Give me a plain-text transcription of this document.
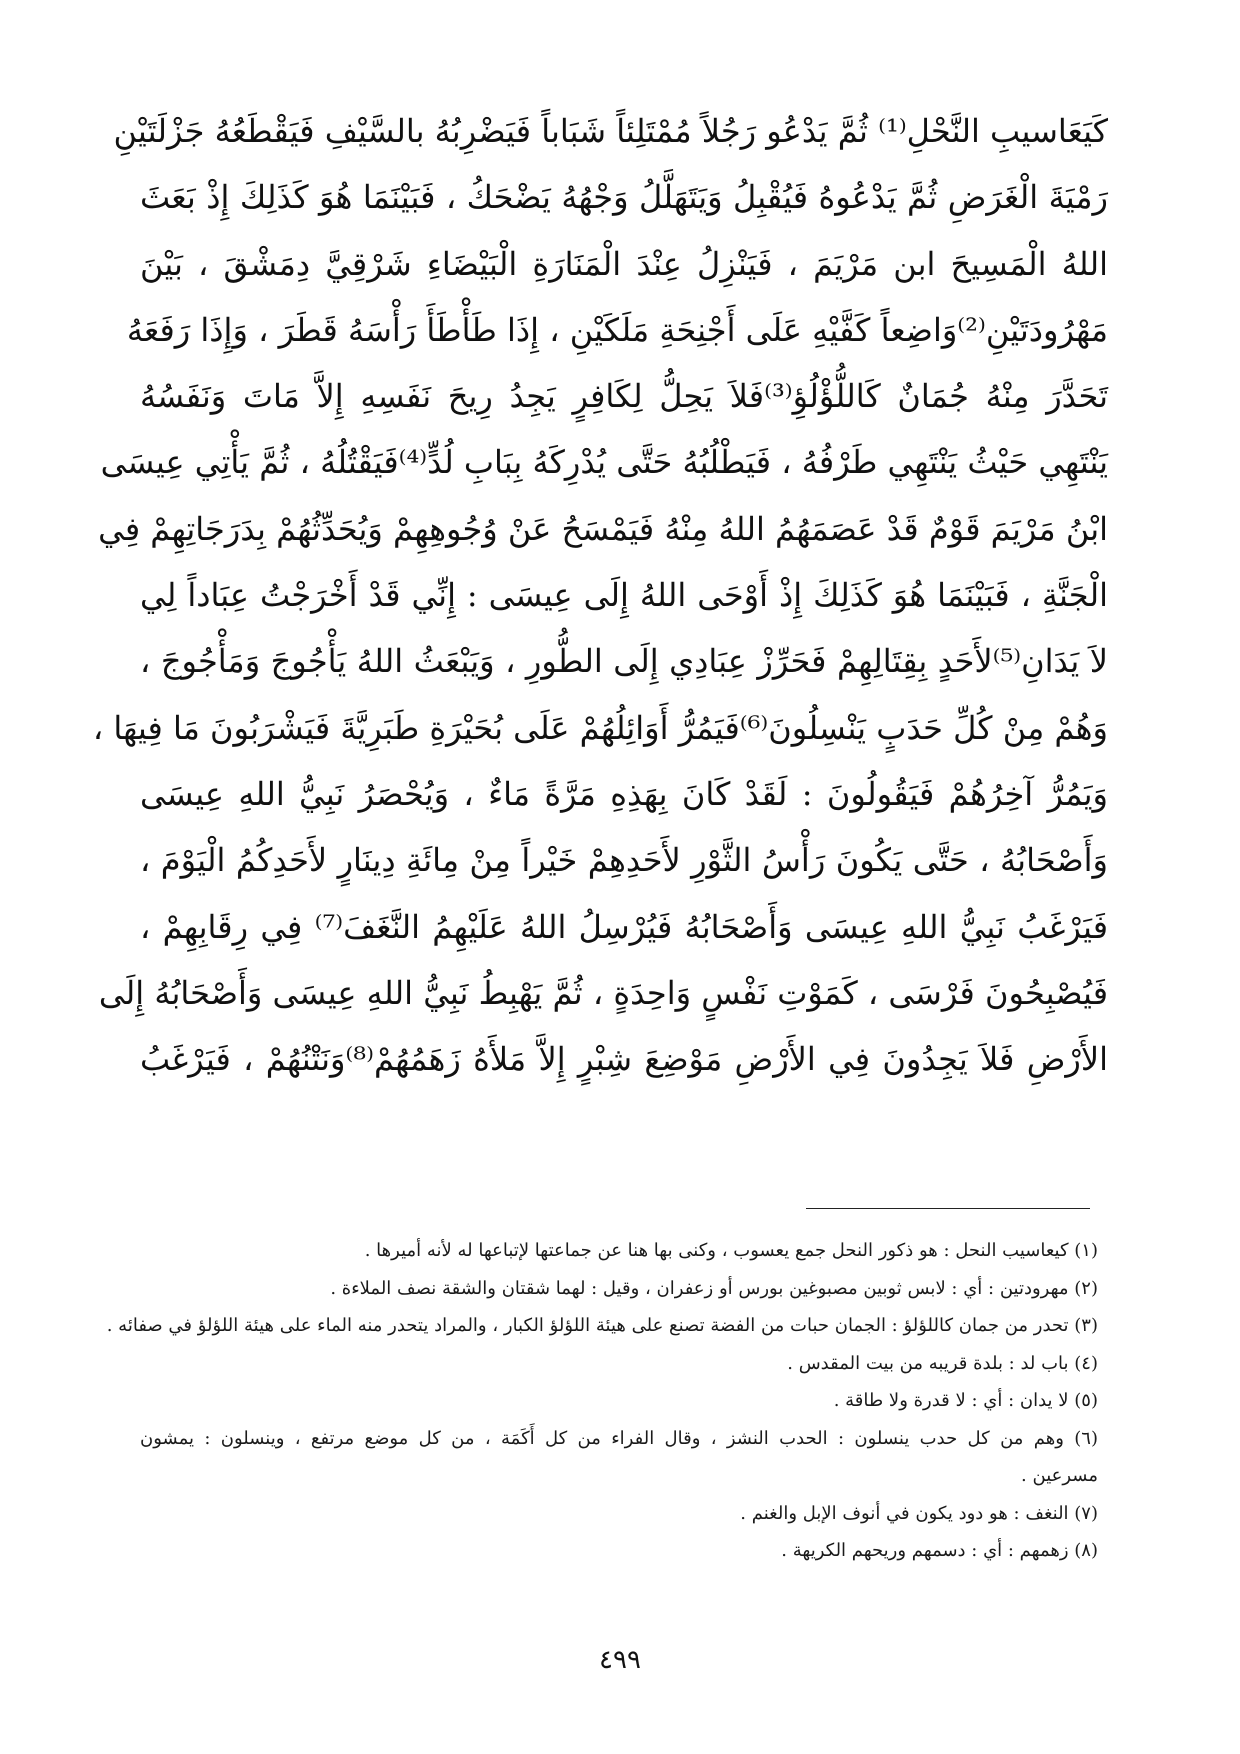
كَيَعَاسيبِ النَّحْلِ⁽¹⁾ ثُمَّ يَدْعُو رَجُلاً مُمْتَلِئاً شَبَاباً فَيَضْرِبُهُ بالسَّيْفِ فَيَقْطَعُهُ جَزْلَتَيْنِ
رَمْيَةَ الْغَرَضِ ثُمَّ يَدْعُوهُ فَيُقْبِلُ وَيَتَهَلَّلُ وَجْهُهُ يَضْحَكُ ، فَبَيْنَمَا هُوَ كَذَلِكَ إِذْ بَعَثَ
اللهُ الْمَسِيحَ ابن مَرْيَمَ ، فَيَنْزِلُ عِنْدَ الْمَنَارَةِ الْبَيْضَاءِ شَرْقِيَّ دِمَشْقَ ، بَيْنَ
مَهْرُودَتَيْنِ⁽²⁾وَاضِعاً كَفَّيْهِ عَلَى أَجْنِحَةِ مَلَكَيْنِ ، إِذَا طَأْطَأَ رَأْسَهُ قَطَرَ ، وَإِذَا رَفَعَهُ
تَحَدَّرَ مِنْهُ جُمَانٌ كَاللُّؤْلُؤِ⁽³⁾فَلاَ يَحِلُّ لِكَافِرٍ يَجِدُ رِيحَ نَفَسِهِ إِلاَّ مَاتَ وَنَفَسُهُ
يَنْتَهِي حَيْثُ يَنْتَهِي طَرْفُهُ ، فَيَطْلُبُهُ حَتَّى يُدْرِكَهُ بِبَابِ لُدٍّ⁽⁴⁾فَيَقْتُلُهُ ، ثُمَّ يَأْتِي عِيسَى
ابْنُ مَرْيَمَ قَوْمٌ قَدْ عَصَمَهُمُ اللهُ مِنْهُ فَيَمْسَحُ عَنْ وُجُوهِهِمْ وَيُحَدِّثُهُمْ بِدَرَجَاتِهِمْ فِي
الْجَنَّةِ ، فَبَيْنَمَا هُوَ كَذَلِكَ إِذْ أَوْحَى اللهُ إِلَى عِيسَى : إِنِّي قَدْ أَخْرَجْتُ عِبَاداً لِي
لاَ يَدَانِ⁽⁵⁾لأَحَدٍ بِقِتَالِهِمْ فَحَرِّزْ عِبَادِي إِلَى الطُّورِ ، وَيَبْعَثُ اللهُ يَأْجُوجَ وَمَأْجُوجَ ،
وَهُمْ مِنْ كُلِّ حَدَبٍ يَنْسِلُونَ⁽⁶⁾فَيَمُرُّ أَوَائِلُهُمْ عَلَى بُحَيْرَةِ طَبَرِيَّةَ فَيَشْرَبُونَ مَا فِيهَا ،
وَيَمُرُّ آخِرُهُمْ فَيَقُولُونَ : لَقَدْ كَانَ بِهَذِهِ مَرَّةً مَاءٌ ، وَيُحْصَرُ نَبِيُّ اللهِ عِيسَى
وَأَصْحَابُهُ ، حَتَّى يَكُونَ رَأْسُ الثَّوْرِ لأَحَدِهِمْ خَيْراً مِنْ مِائَةِ دِينَارٍ لأَحَدِكُمُ الْيَوْمَ ،
فَيَرْغَبُ نَبِيُّ اللهِ عِيسَى وَأَصْحَابُهُ فَيُرْسِلُ اللهُ عَلَيْهِمُ النَّغَفَ⁽⁷⁾ فِي رِقَابِهِمْ ،
فَيُصْبِحُونَ فَرْسَى ، كَمَوْتِ نَفْسٍ وَاحِدَةٍ ، ثُمَّ يَهْبِطُ نَبِيُّ اللهِ عِيسَى وَأَصْحَابُهُ إِلَى
الأَرْضِ فَلاَ يَجِدُونَ فِي الأَرْضِ مَوْضِعَ شِبْرٍ إِلاَّ مَلأَهُ زَهَمُهُمْ⁽⁸⁾وَنَتْنُهُمْ ، فَيَرْغَبُ
(١) كيعاسيب النحل : هو ذكور النحل جمع يعسوب ، وكنى بها هنا عن جماعتها لإتباعها له لأنه أميرها .
(٢) مهرودتين : أي : لابس ثوبين مصبوغين بورس أو زعفران ، وقيل : لهما شقتان والشقة نصف الملاءة .
(٣) تحدر من جمان كاللؤلؤ : الجمان حبات من الفضة تصنع على هيئة اللؤلؤ الكبار ، والمراد يتحدر منه الماء على هيئة اللؤلؤ في صفائه .
(٤) باب لد : بلدة قريبه من بيت المقدس .
(٥) لا يدان : أي : لا قدرة ولا طاقة .
(٦) وهم من كل حدب ينسلون : الحدب النشز ، وقال الفراء من كل أَكَمَة ، من كل موضع مرتفع ، وينسلون : يمشون
مسرعين .
(٧) النغف : هو دود يكون في أنوف الإبل والغنم .
(٨) زهمهم : أي : دسمهم وريحهم الكريهة .
٤٩٩
